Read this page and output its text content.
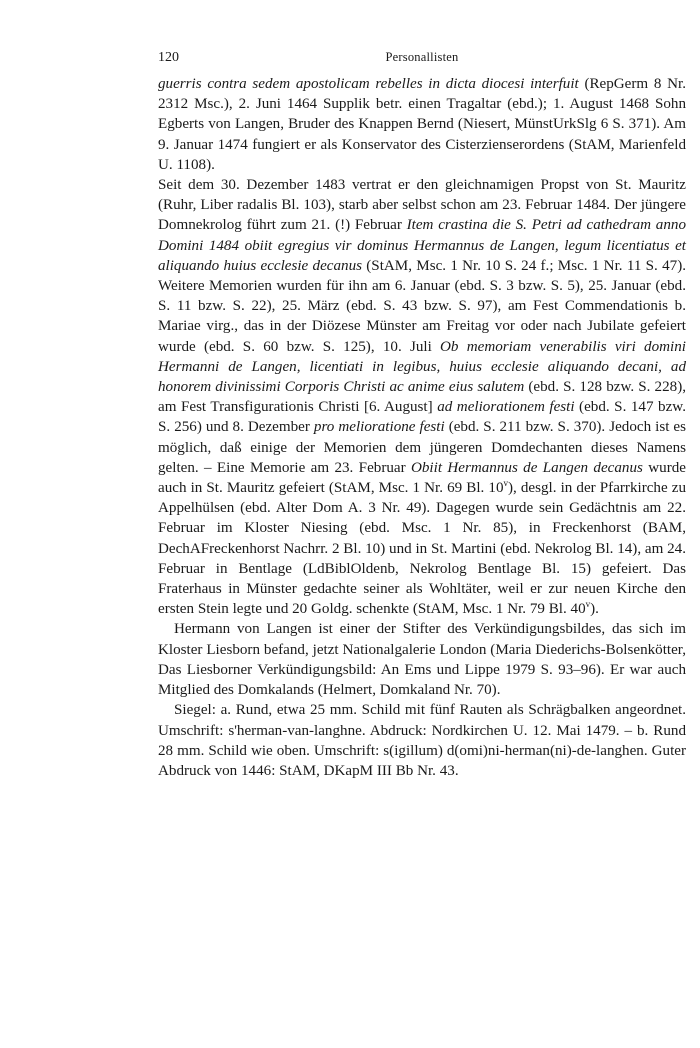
120	Personallisten

guerris contra sedem apostolicam rebelles in dicta diocesi interfuit (RepGerm 8 Nr. 2312 Msc.), 2. Juni 1464 Supplik betr. einen Tragaltar (ebd.); 1. August 1468 Sohn Egberts von Langen, Bruder des Knappen Bernd (Niesert, MünstUrkSlg 6 S. 371). Am 9. Januar 1474 fungiert er als Konservator des Cisterzienserordens (StAM, Marienfeld U. 1108).

Seit dem 30. Dezember 1483 vertrat er den gleichnamigen Propst von St. Mauritz (Ruhr, Liber radalis Bl. 103), starb aber selbst schon am 23. Februar 1484. Der jüngere Domnekrolog führt zum 21. (!) Februar Item crastina die S. Petri ad cathedram anno Domini 1484 obiit egregius vir dominus Hermannus de Langen, legum licentiatus et aliquando huius ecclesie decanus (StAM, Msc. 1 Nr. 10 S. 24 f.; Msc. 1 Nr. 11 S. 47). Weitere Memorien wurden für ihn am 6. Januar (ebd. S. 3 bzw. S. 5), 25. Januar (ebd. S. 11 bzw. S. 22), 25. März (ebd. S. 43 bzw. S. 97), am Fest Commendationis b. Mariae virg., das in der Diözese Münster am Freitag vor oder nach Jubilate gefeiert wurde (ebd. S. 60 bzw. S. 125), 10. Juli Ob memoriam venerabilis viri domini Hermanni de Langen, licentiati in legibus, huius ecclesie aliquando decani, ad honorem divinissimi Corporis Christi ac anime eius salutem (ebd. S. 128 bzw. S. 228), am Fest Transfigurationis Christi [6. August] ad meliorationem festi (ebd. S. 147 bzw. S. 256) und 8. Dezember pro melioratione festi (ebd. S. 211 bzw. S. 370). Jedoch ist es möglich, daß einige der Memorien dem jüngeren Domdechanten dieses Namens gelten. – Eine Memorie am 23. Februar Obiit Hermannus de Langen decanus wurde auch in St. Mauritz gefeiert (StAM, Msc. 1 Nr. 69 Bl. 10$^v$), desgl. in der Pfarrkirche zu Appelhülsen (ebd. Alter Dom A. 3 Nr. 49). Dagegen wurde sein Gedächtnis am 22. Februar im Kloster Niesing (ebd. Msc. 1 Nr. 85), in Freckenhorst (BAM, DechAFreckenhorst Nachrr. 2 Bl. 10) und in St. Martini (ebd. Nekrolog Bl. 14), am 24. Februar in Bentlage (LdBiblOldenb, Nekrolog Bentlage Bl. 15) gefeiert. Das Fraterhaus in Münster gedachte seiner als Wohltäter, weil er zur neuen Kirche den ersten Stein legte und 20 Goldg. schenkte (StAM, Msc. 1 Nr. 79 Bl. 40$^v$).

Hermann von Langen ist einer der Stifter des Verkündigungsbildes, das sich im Kloster Liesborn befand, jetzt Nationalgalerie London (Maria Diederichs-Bolsenkötter, Das Liesborner Verkündigungsbild: An Ems und Lippe 1979 S. 93–96). Er war auch Mitglied des Domkalands (Helmert, Domkaland Nr. 70).

Siegel: a. Rund, etwa 25 mm. Schild mit fünf Rauten als Schrägbalken angeordnet. Umschrift: s'herman-van-langhne. Abdruck: Nordkirchen U. 12. Mai 1479. – b. Rund 28 mm. Schild wie oben. Umschrift: s(igillum) d(omi)ni-herman(ni)-de-langhen. Guter Abdruck von 1446: StAM, DKapM III Bb Nr. 43.
